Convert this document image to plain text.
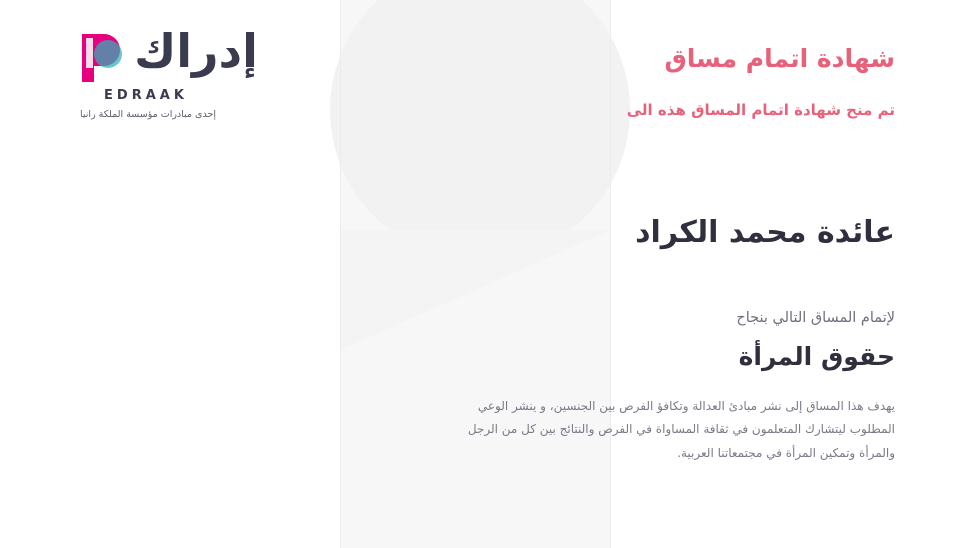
إدراك
EDRAAK
إحدى مبادرات مؤسسة الملكة رانيا
شهادة اتمام مساق

تم منح شهادة اتمام المساق هذه الى

عائدة محمد الكراد
لإتمام المساق التالي بنجاح
حقوق المرأة

يهدف هذا المساق إلى نشر مبادئ العدالة وتكافؤ الفرص بين الجنسين، و ينشر الوعي المطلوب ليتشارك المتعلمون في ثقافة المساواة في الفرص والنتائج بين كل من الرجل والمرأة وتمكين المرأة في مجتمعاتنا العربية.
